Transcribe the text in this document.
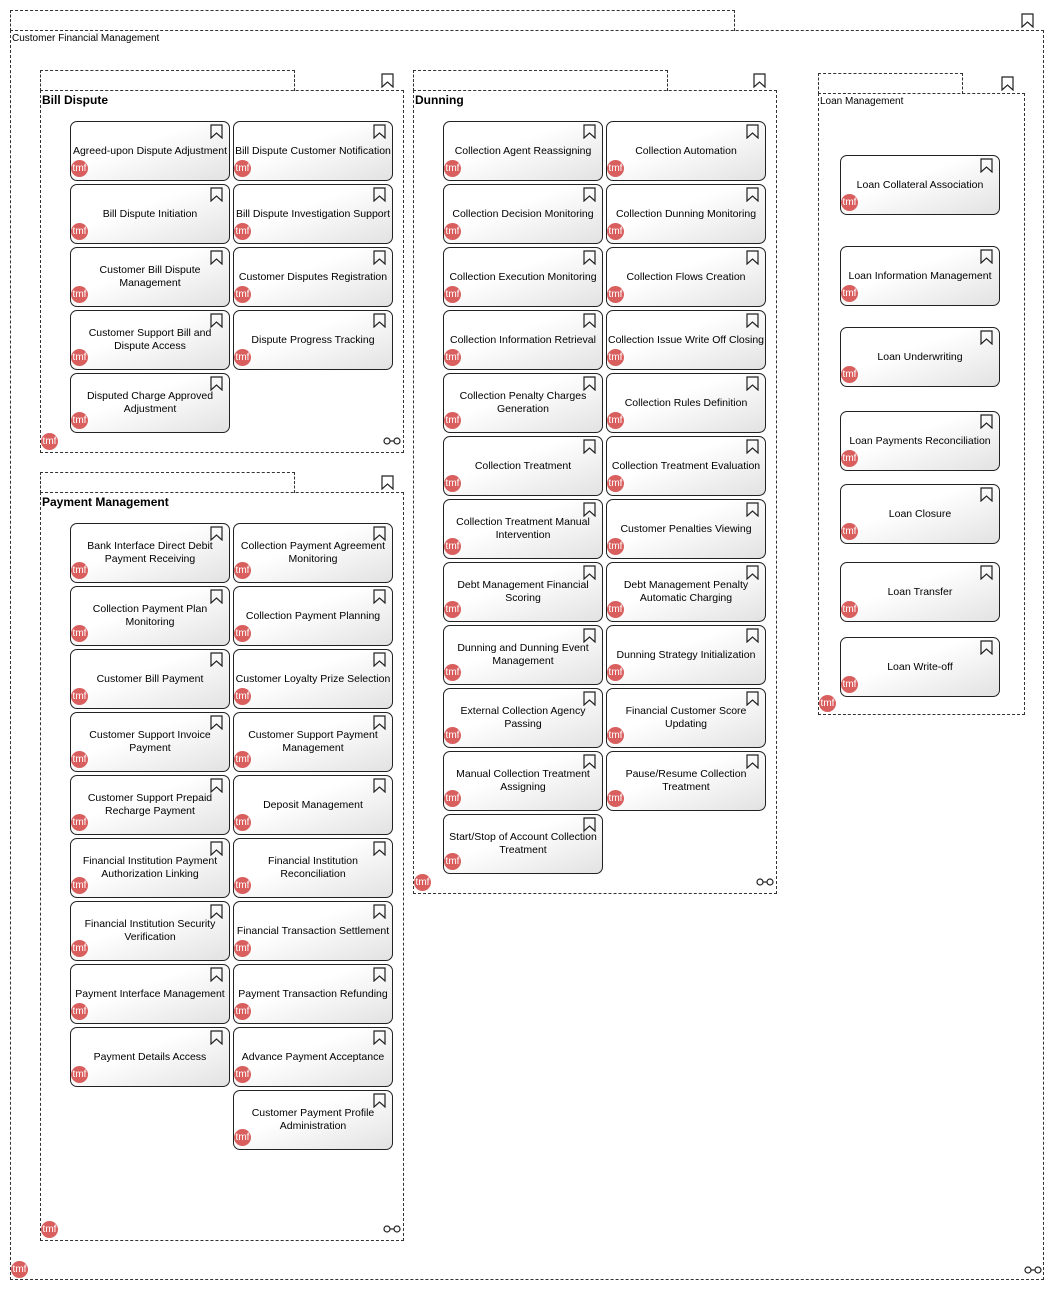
Customer Financial Management
tmf
Bill Dispute
tmf
Agreed-upon Dispute Adjustment
tmf
Bill Dispute Customer Notification
tmf
Bill Dispute Initiation
tmf
Bill Dispute Investigation Support
tmf
Customer Bill Dispute Management
tmf
Customer Disputes Registration
tmf
Customer Support Bill and Dispute Access
tmf
Dispute Progress Tracking
tmf
Disputed Charge Approved Adjustment
tmf
Payment Management
tmf
Bank Interface Direct Debit Payment Receiving
tmf
Collection Payment Agreement Monitoring
tmf
Collection Payment Plan Monitoring
tmf
Collection Payment Planning
tmf
Customer Bill Payment
tmf
Customer Loyalty Prize Selection
tmf
Customer Support Invoice Payment
tmf
Customer Support Payment Management
tmf
Customer Support Prepaid Recharge Payment
tmf
Deposit Management
tmf
Financial Institution Payment Authorization Linking
tmf
Financial Institution Reconciliation
tmf
Financial Institution Security Verification
tmf
Financial Transaction Settlement
tmf
Payment Interface Management
tmf
Payment Transaction Refunding
tmf
Payment Details Access
tmf
Advance Payment Acceptance
tmf
Customer Payment Profile Administration
tmf
Dunning
tmf
Collection Agent Reassigning
tmf
Collection Automation
tmf
Collection Decision Monitoring
tmf
Collection Dunning Monitoring
tmf
Collection Execution Monitoring
tmf
Collection Flows Creation
tmf
Collection Information Retrieval
tmf
Collection Issue Write Off Closing
tmf
Collection Penalty Charges Generation
tmf
Collection Rules Definition
tmf
Collection Treatment
tmf
Collection Treatment Evaluation
tmf
Collection Treatment Manual Intervention
tmf
Customer Penalties Viewing
tmf
Debt Management Financial Scoring
tmf
Debt Management Penalty Automatic Charging
tmf
Dunning and Dunning Event Management
tmf
Dunning Strategy Initialization
tmf
External Collection Agency Passing
tmf
Financial Customer Score Updating
tmf
Manual Collection Treatment Assigning
tmf
Pause/Resume Collection Treatment
tmf
Start/Stop of Account Collection Treatment
tmf
Loan Management
tmf
Loan Collateral Association
tmf
Loan Information Management
tmf
Loan Underwriting
tmf
Loan Payments Reconciliation
tmf
Loan Closure
tmf
Loan Transfer
tmf
Loan Write-off
tmf
